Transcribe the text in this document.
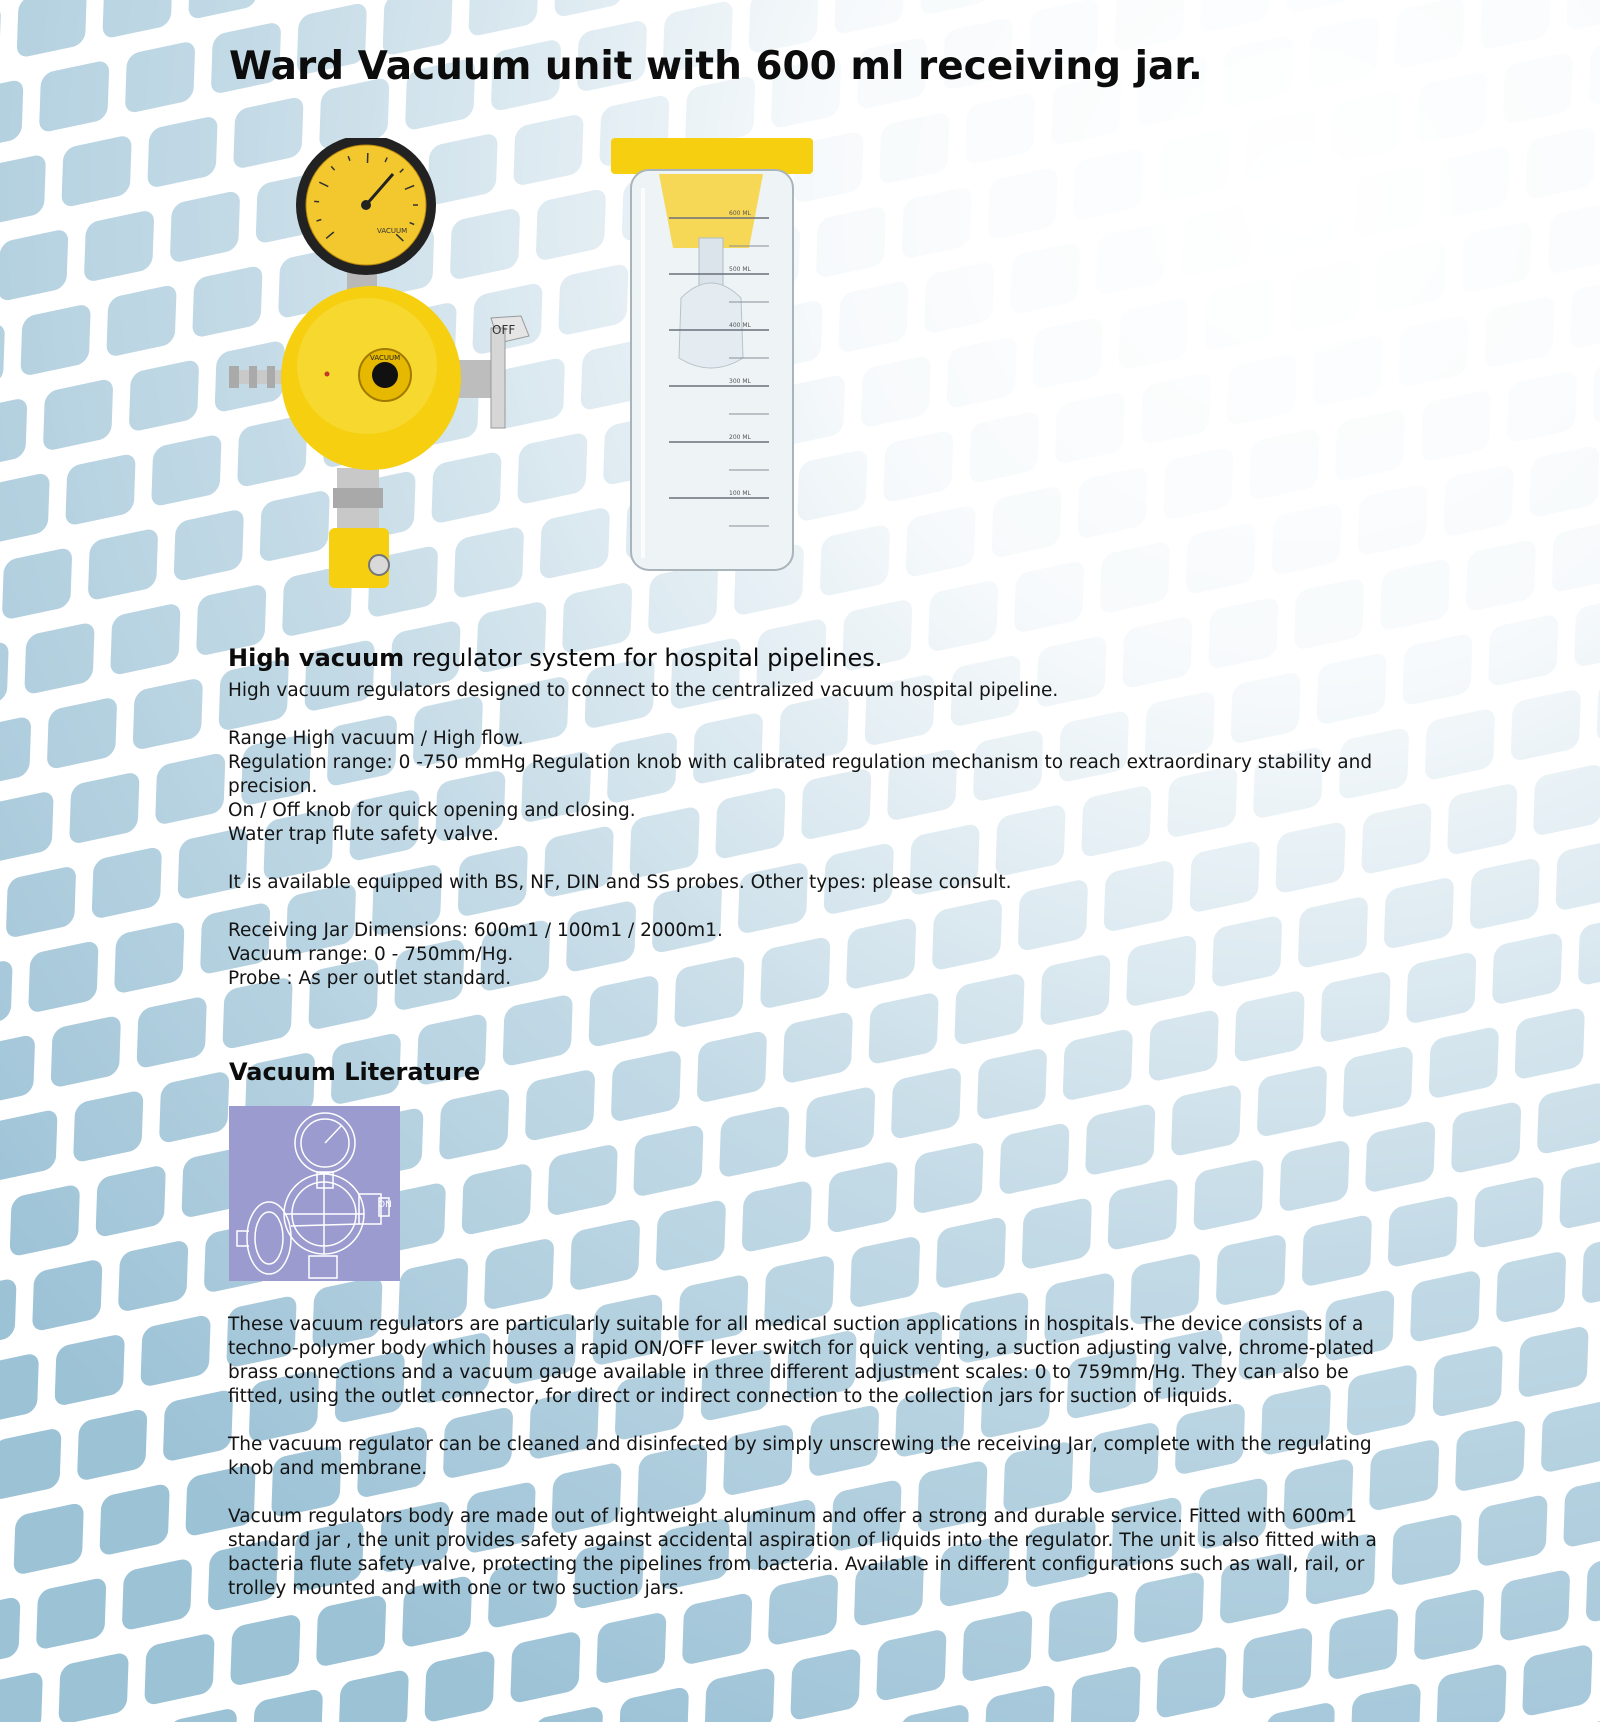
Ward Vacuum unit with 600 ml receiving jar.
OFF
VACUUM
VACUUM
600 ML
500 ML
400 ML
300 ML
200 ML
100 ML
High vacuum regulator system for hospital pipelines.

High vacuum regulators designed to connect to the centralized vacuum hospital pipeline.

Range High vacuum / High flow.
Regulation range: 0 -750 mmHg Regulation knob with calibrated regulation mechanism to reach extraordinary stability and precision.
On / Off knob for quick opening and closing.
Water trap flute safety valve.

It is available equipped with BS, NF, DIN and SS probes. Other types: please consult.

Receiving Jar Dimensions: 600m1 / 100m1 / 2000m1.
Vacuum range: 0 - 750mm/Hg.
Probe : As per outlet standard.

Vacuum Literature
ON

These vacuum regulators are particularly suitable for all medical suction applications in hospitals. The device consists of a techno-polymer body which houses a rapid ON/OFF lever switch for quick venting, a suction adjusting valve, chrome-plated brass connections and a vacuum gauge available in three different adjustment scales: 0 to 759mm/Hg. They can also be fitted, using the outlet connector, for direct or indirect connection to the collection jars for suction of liquids.

The vacuum regulator can be cleaned and disinfected by simply unscrewing the receiving Jar, complete with the regulating knob and membrane.

Vacuum regulators body are made out of lightweight aluminum and offer a strong and durable service. Fitted with 600m1 standard jar , the unit provides safety against accidental aspiration of liquids into the regulator. The unit is also fitted with a bacteria flute safety valve, protecting the pipelines from bacteria. Available in different configurations such as wall, rail, or trolley mounted and with one or two suction jars.
